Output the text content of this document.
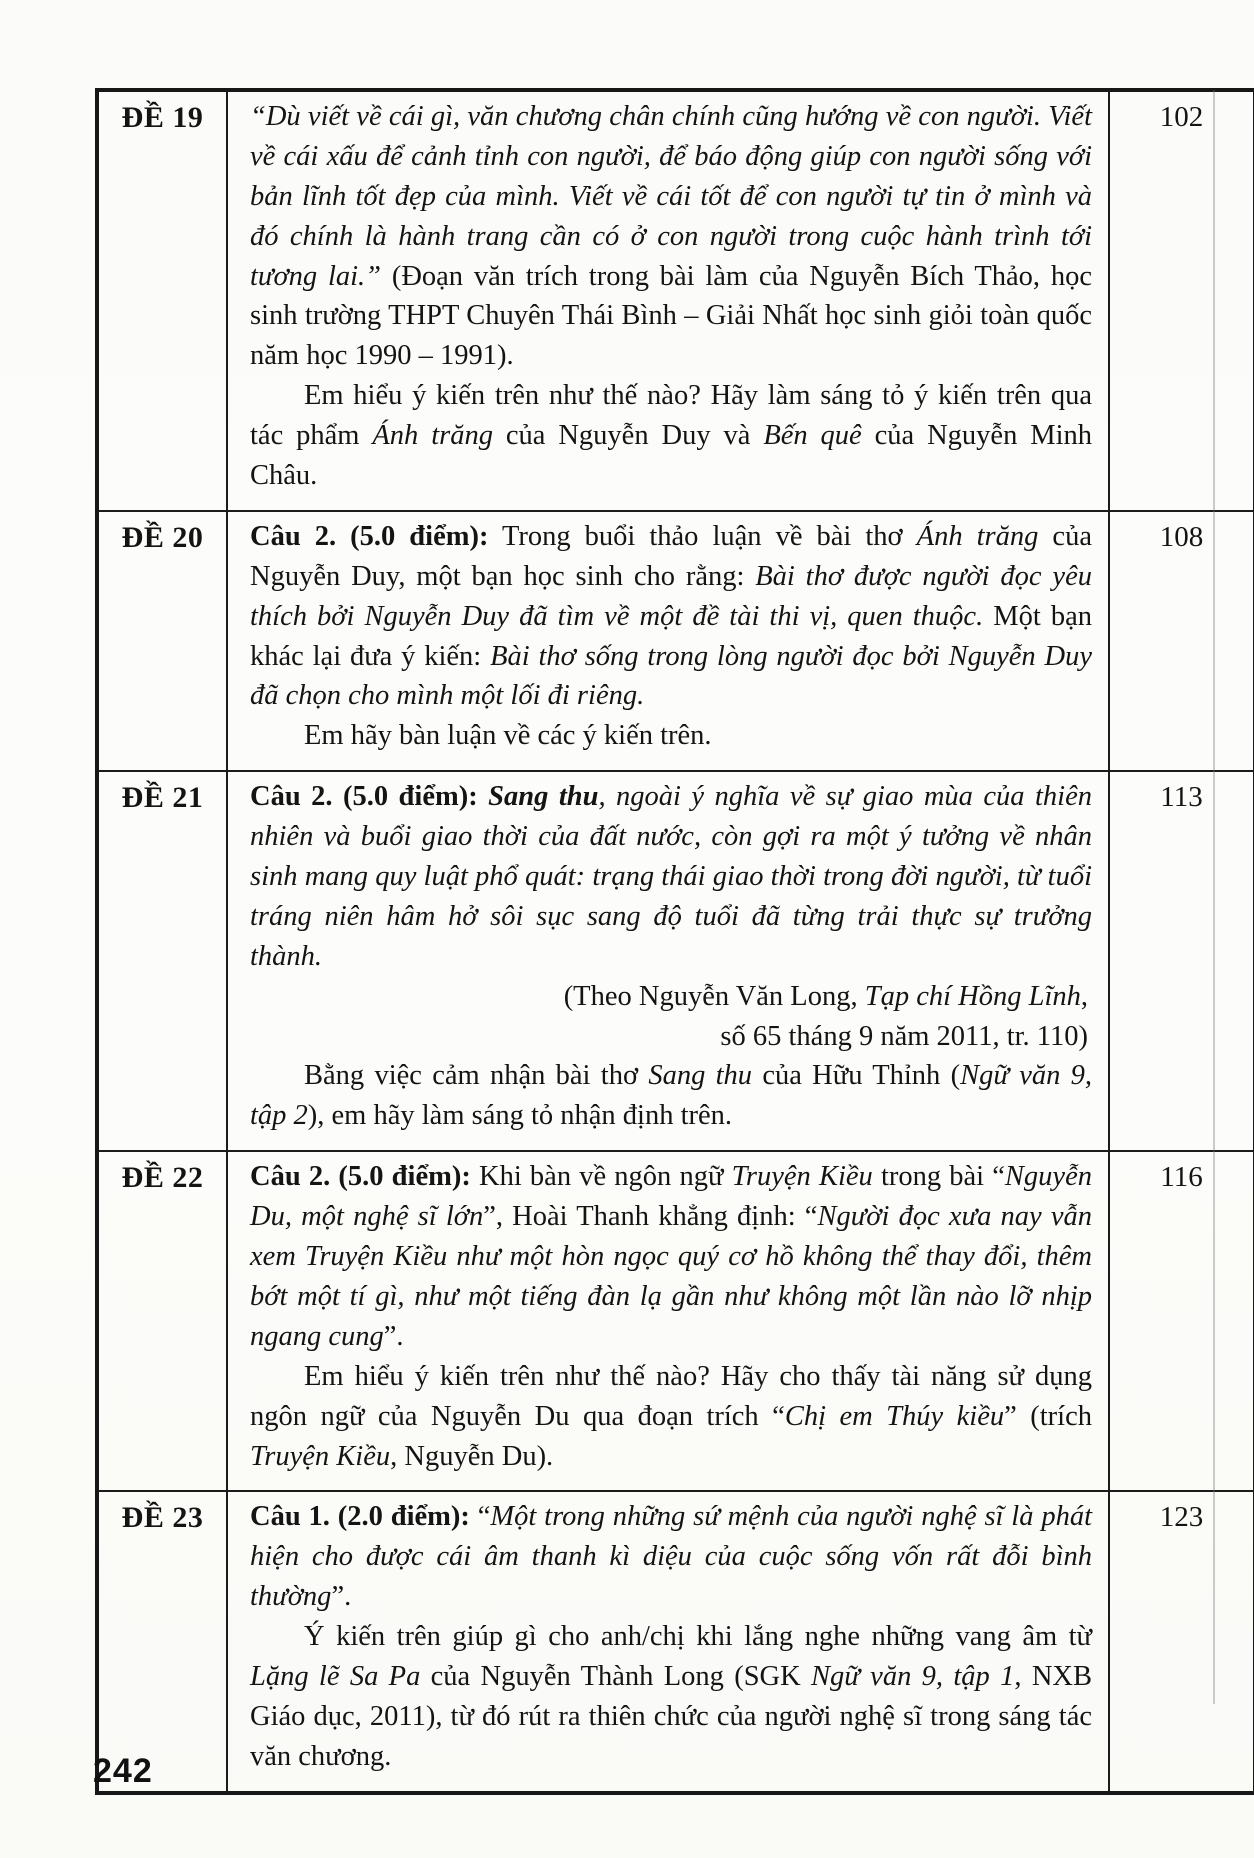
ĐỀ 19	“Dù viết về cái gì, văn chương chân chính cũng hướng về con người. Viết về cái xấu để cảnh tỉnh con người, để báo động giúp con người sống với bản lĩnh tốt đẹp của mình. Viết về cái tốt để con người tự tin ở mình và đó chính là hành trang cần có ở con người trong cuộc hành trình tới tương lai.” (Đoạn văn trích trong bài làm của Nguyễn Bích Thảo, học sinh trường THPT Chuyên Thái Bình – Giải Nhất học sinh giỏi toàn quốc năm học 1990 – 1991).
Em hiểu ý kiến trên như thế nào? Hãy làm sáng tỏ ý kiến trên qua tác phẩm Ánh trăng của Nguyễn Duy và Bến quê của Nguyễn Minh Châu.	102
ĐỀ 20	Câu 2. (5.0 điểm): Trong buổi thảo luận về bài thơ Ánh trăng của Nguyễn Duy, một bạn học sinh cho rằng: Bài thơ được người đọc yêu thích bởi Nguyễn Duy đã tìm về một đề tài thi vị, quen thuộc. Một bạn khác lại đưa ý kiến: Bài thơ sống trong lòng người đọc bởi Nguyễn Duy đã chọn cho mình một lối đi riêng.
Em hãy bàn luận về các ý kiến trên.	108
ĐỀ 21	Câu 2. (5.0 điểm): Sang thu, ngoài ý nghĩa về sự giao mùa của thiên nhiên và buổi giao thời của đất nước, còn gợi ra một ý tưởng về nhân sinh mang quy luật phổ quát: trạng thái giao thời trong đời người, từ tuổi tráng niên hâm hở sôi sục sang độ tuổi đã từng trải thực sự trưởng thành.
(Theo Nguyễn Văn Long, Tạp chí Hồng Lĩnh,
số 65 tháng 9 năm 2011, tr. 110)
Bằng việc cảm nhận bài thơ Sang thu của Hữu Thỉnh (Ngữ văn 9, tập 2), em hãy làm sáng tỏ nhận định trên.	113
ĐỀ 22	Câu 2. (5.0 điểm): Khi bàn về ngôn ngữ Truyện Kiều trong bài “Nguyễn Du, một nghệ sĩ lớn”, Hoài Thanh khẳng định: “Người đọc xưa nay vẫn xem Truyện Kiều như một hòn ngọc quý cơ hồ không thể thay đổi, thêm bớt một tí gì, như một tiếng đàn lạ gần như không một lần nào lỡ nhịp ngang cung”.
Em hiểu ý kiến trên như thế nào? Hãy cho thấy tài năng sử dụng ngôn ngữ của Nguyễn Du qua đoạn trích “Chị em Thúy kiều” (trích Truyện Kiều, Nguyễn Du).	116
ĐỀ 23	Câu 1. (2.0 điểm): “Một trong những sứ mệnh của người nghệ sĩ là phát hiện cho được cái âm thanh kì diệu của cuộc sống vốn rất đỗi bình thường”.
Ý kiến trên giúp gì cho anh/chị khi lắng nghe những vang âm từ Lặng lẽ Sa Pa của Nguyễn Thành Long (SGK Ngữ văn 9, tập 1, NXB Giáo dục, 2011), từ đó rút ra thiên chức của người nghệ sĩ trong sáng tác văn chương.	123
242
